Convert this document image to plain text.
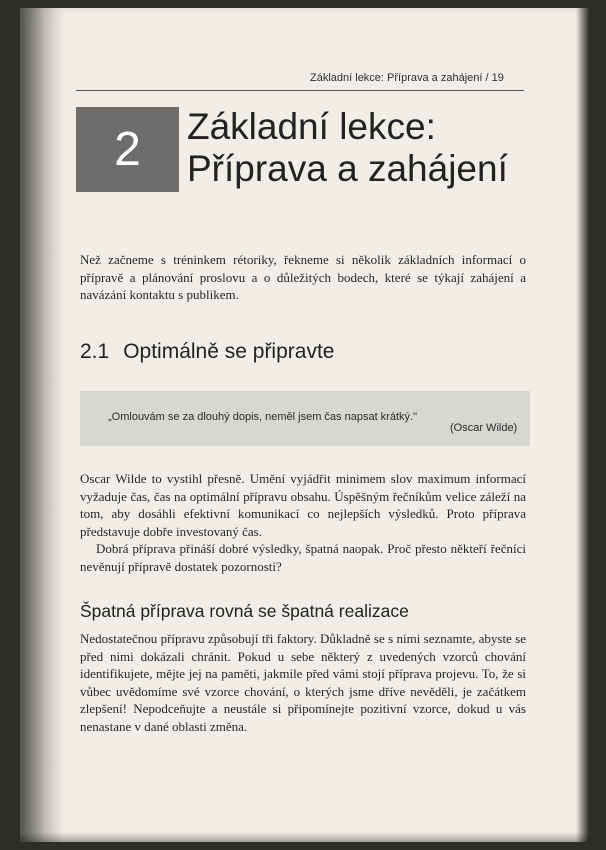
Základní lekce: Příprava a zahájení / 19
2	Základní lekce:
Příprava a zahájení

Než začneme s tréninkem rétoriky, řekneme si několik základních informací o přípravě a plánování proslovu a o důležitých bodech, které se týkají zahájení a navázání kontaktu s publikem.

2.1 Optimálně se připravte
„Omlouvám se za dlouhý dopis, neměl jsem čas napsat krátký."
(Oscar Wilde)

Oscar Wilde to vystihl přesně. Umění vyjádřit minimem slov maximum informací vyžaduje čas, čas na optimální přípravu obsahu. Úspěšným řečníkům velice záleží na tom, aby dosáhli efektivní komunikací co nejlepších výsledků. Proto příprava představuje dobře investovaný čas.

Dobrá příprava přináší dobré výsledky, špatná naopak. Proč přesto někteří řečníci nevěnují přípravě dostatek pozornosti?

Špatná příprava rovná se špatná realizace

Nedostatečnou přípravu způsobují tři faktory. Důkladně se s nimi seznamte, abyste se před nimi dokázali chránit. Pokud u sebe některý z uvedených vzorců chování identifikujete, mějte jej na paměti, jakmile před vámi stojí příprava projevu. To, že si vůbec uvědomíme své vzorce chování, o kterých jsme dříve nevěděli, je začátkem zlepšení! Nepodceňujte a neustále si připomínejte pozitivní vzorce, dokud u vás nenastane v dané oblasti změna.
